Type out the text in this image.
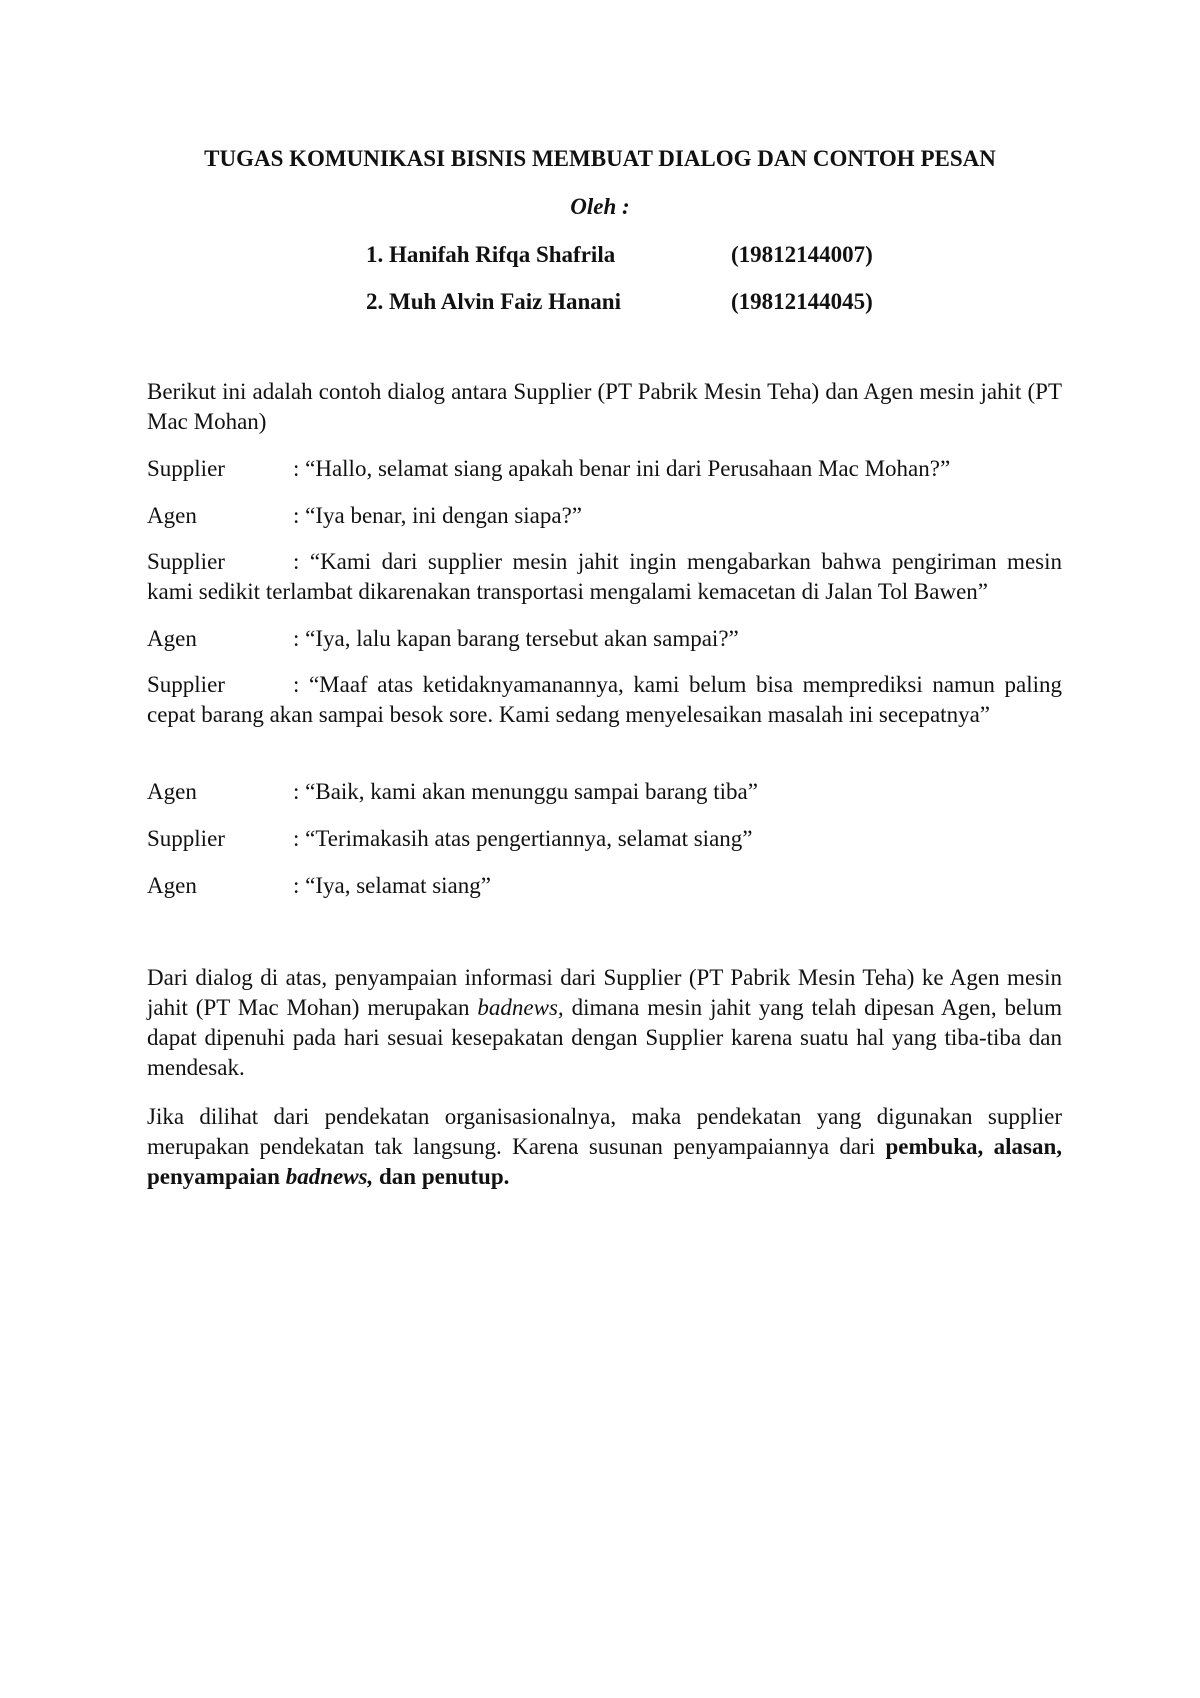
TUGAS KOMUNIKASI BISNIS MEMBUAT DIALOG DAN CONTOH PESAN
Oleh :
1. Hanifah Rifqa Shafrila	(19812144007)
2. Muh Alvin Faiz Hanani	(19812144045)
Berikut ini adalah contoh dialog antara Supplier (PT Pabrik Mesin Teha) dan Agen mesin jahit (PT Mac Mohan)
Supplier	: “Hallo, selamat siang apakah benar ini dari Perusahaan Mac Mohan?”
Agen	: “Iya benar, ini dengan siapa?”
Supplier	: “Kami dari supplier mesin jahit ingin mengabarkan bahwa pengiriman mesin kami sedikit terlambat dikarenakan transportasi mengalami kemacetan di Jalan Tol Bawen”
Agen	: “Iya, lalu kapan barang tersebut akan sampai?”
Supplier	: “Maaf atas ketidaknyamanannya, kami belum bisa memprediksi namun paling cepat barang akan sampai besok sore. Kami sedang menyelesaikan masalah ini secepatnya”
Agen	: “Baik, kami akan menunggu sampai barang tiba”
Supplier	: “Terimakasih atas pengertiannya, selamat siang”
Agen	: “Iya, selamat siang”
Dari dialog di atas, penyampaian informasi dari Supplier (PT Pabrik Mesin Teha) ke Agen mesin jahit (PT Mac Mohan) merupakan badnews, dimana mesin jahit yang telah dipesan Agen, belum dapat dipenuhi pada hari sesuai kesepakatan dengan Supplier karena suatu hal yang tiba-tiba dan mendesak.
Jika dilihat dari pendekatan organisasionalnya, maka pendekatan yang digunakan supplier merupakan pendekatan tak langsung. Karena susunan penyampaiannya dari pembuka, alasan, penyampaian badnews, dan penutup.
